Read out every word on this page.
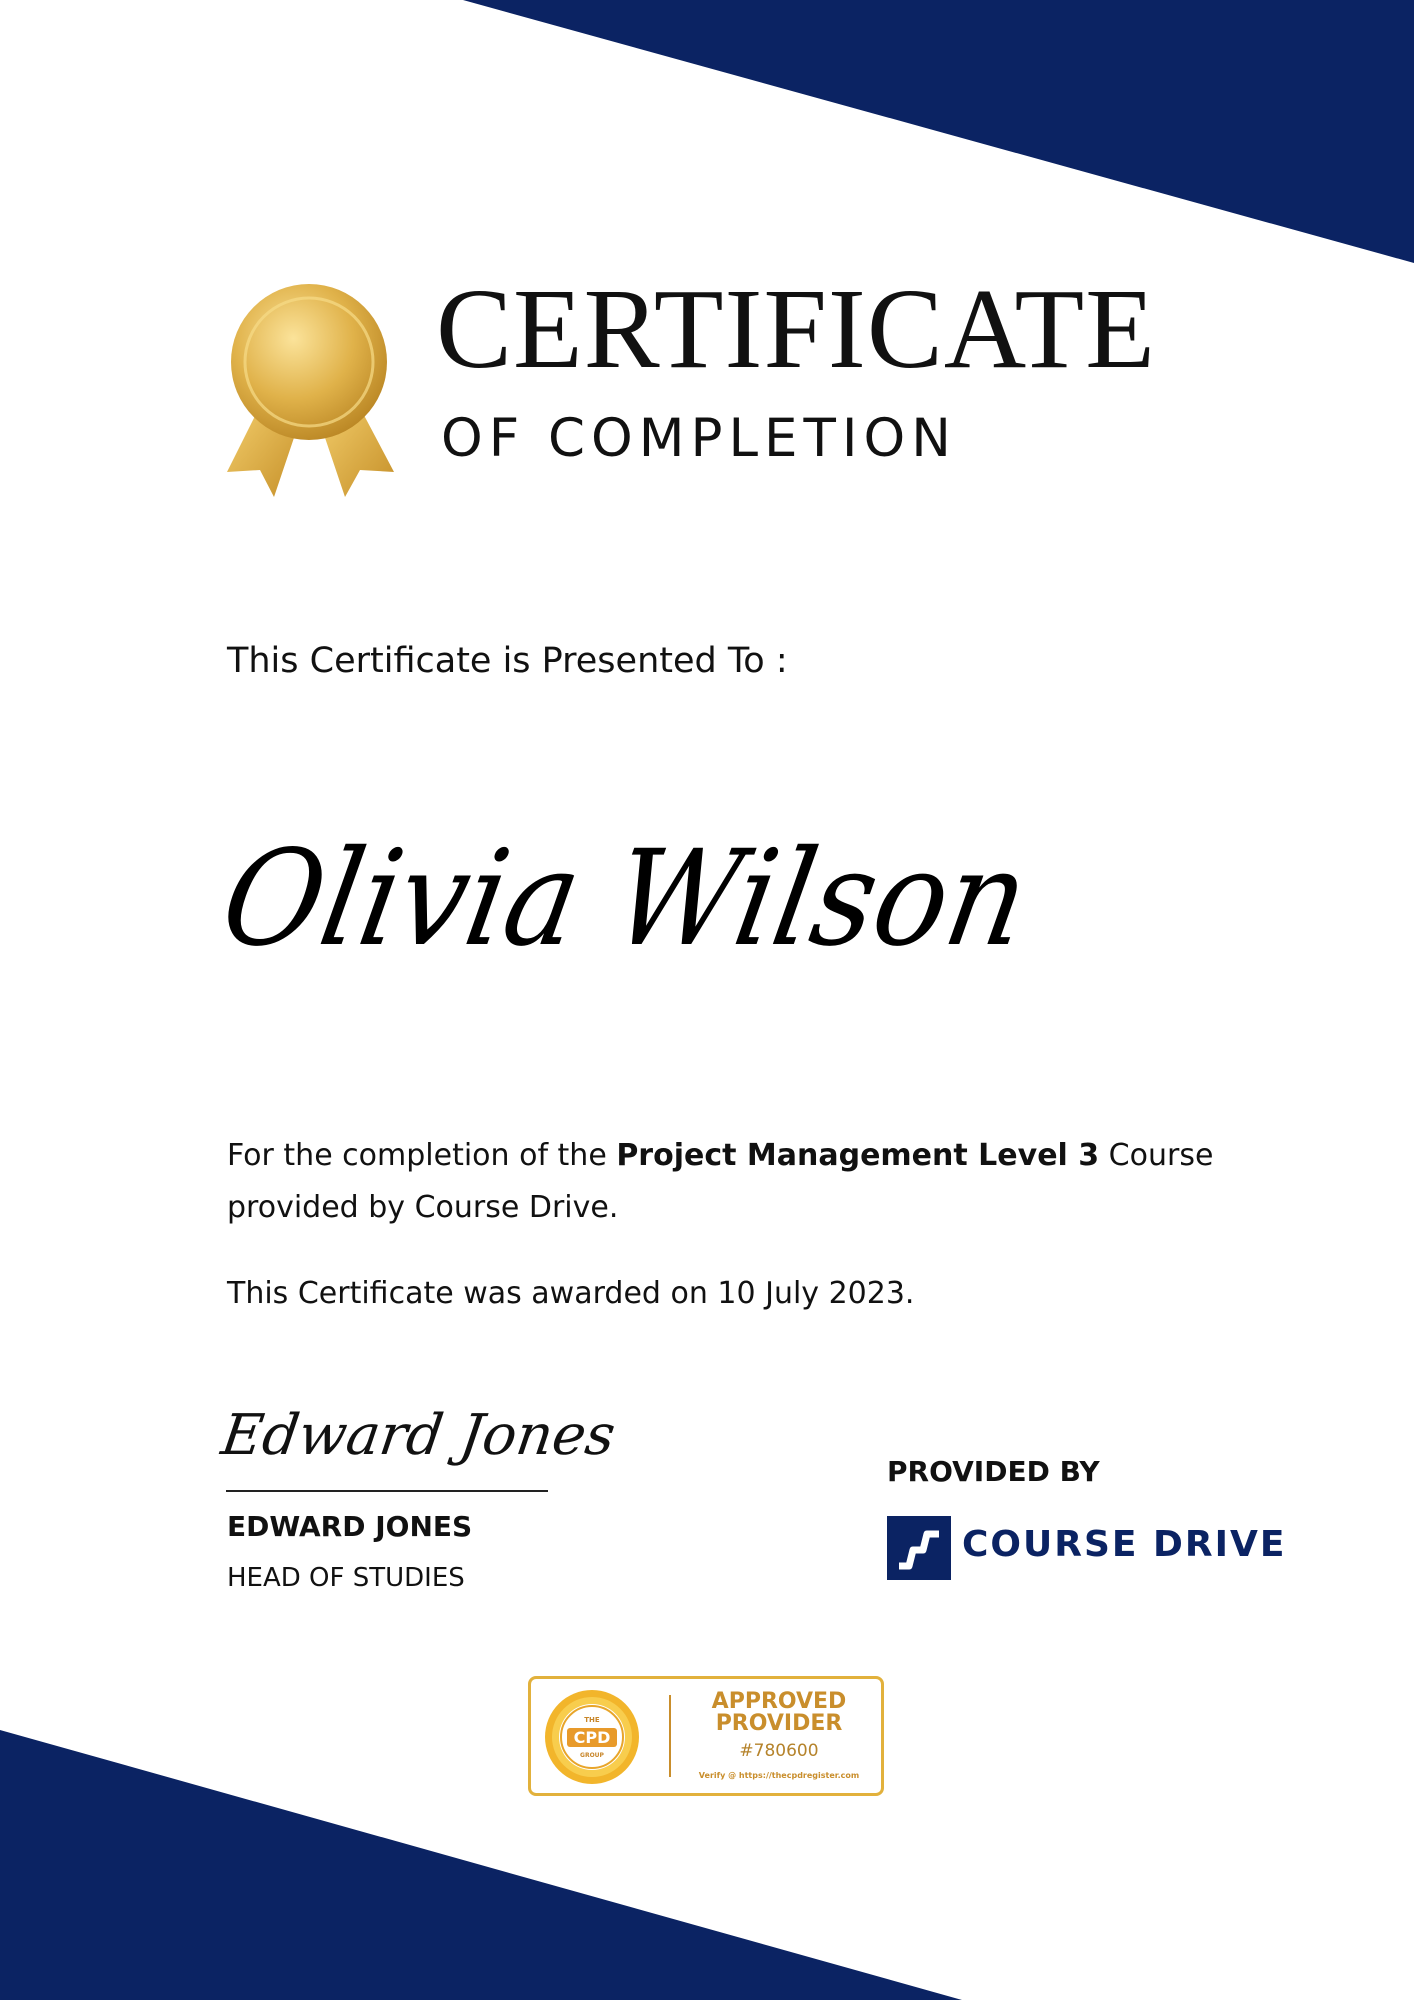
CERTIFICATE
OF COMPLETION
This Certificate is Presented To :
Olivia Wilson
For the completion of the Project Management Level 3 Course provided by Course Drive.
This Certificate was awarded on 10 July 2023.
Edward Jones
EDWARD JONES
HEAD OF STUDIES
PROVIDED BY
COURSE DRIVE
THE
CPD
GROUP
APPROVED
PROVIDER
#780600
Verify @ https://thecpdregister.com
